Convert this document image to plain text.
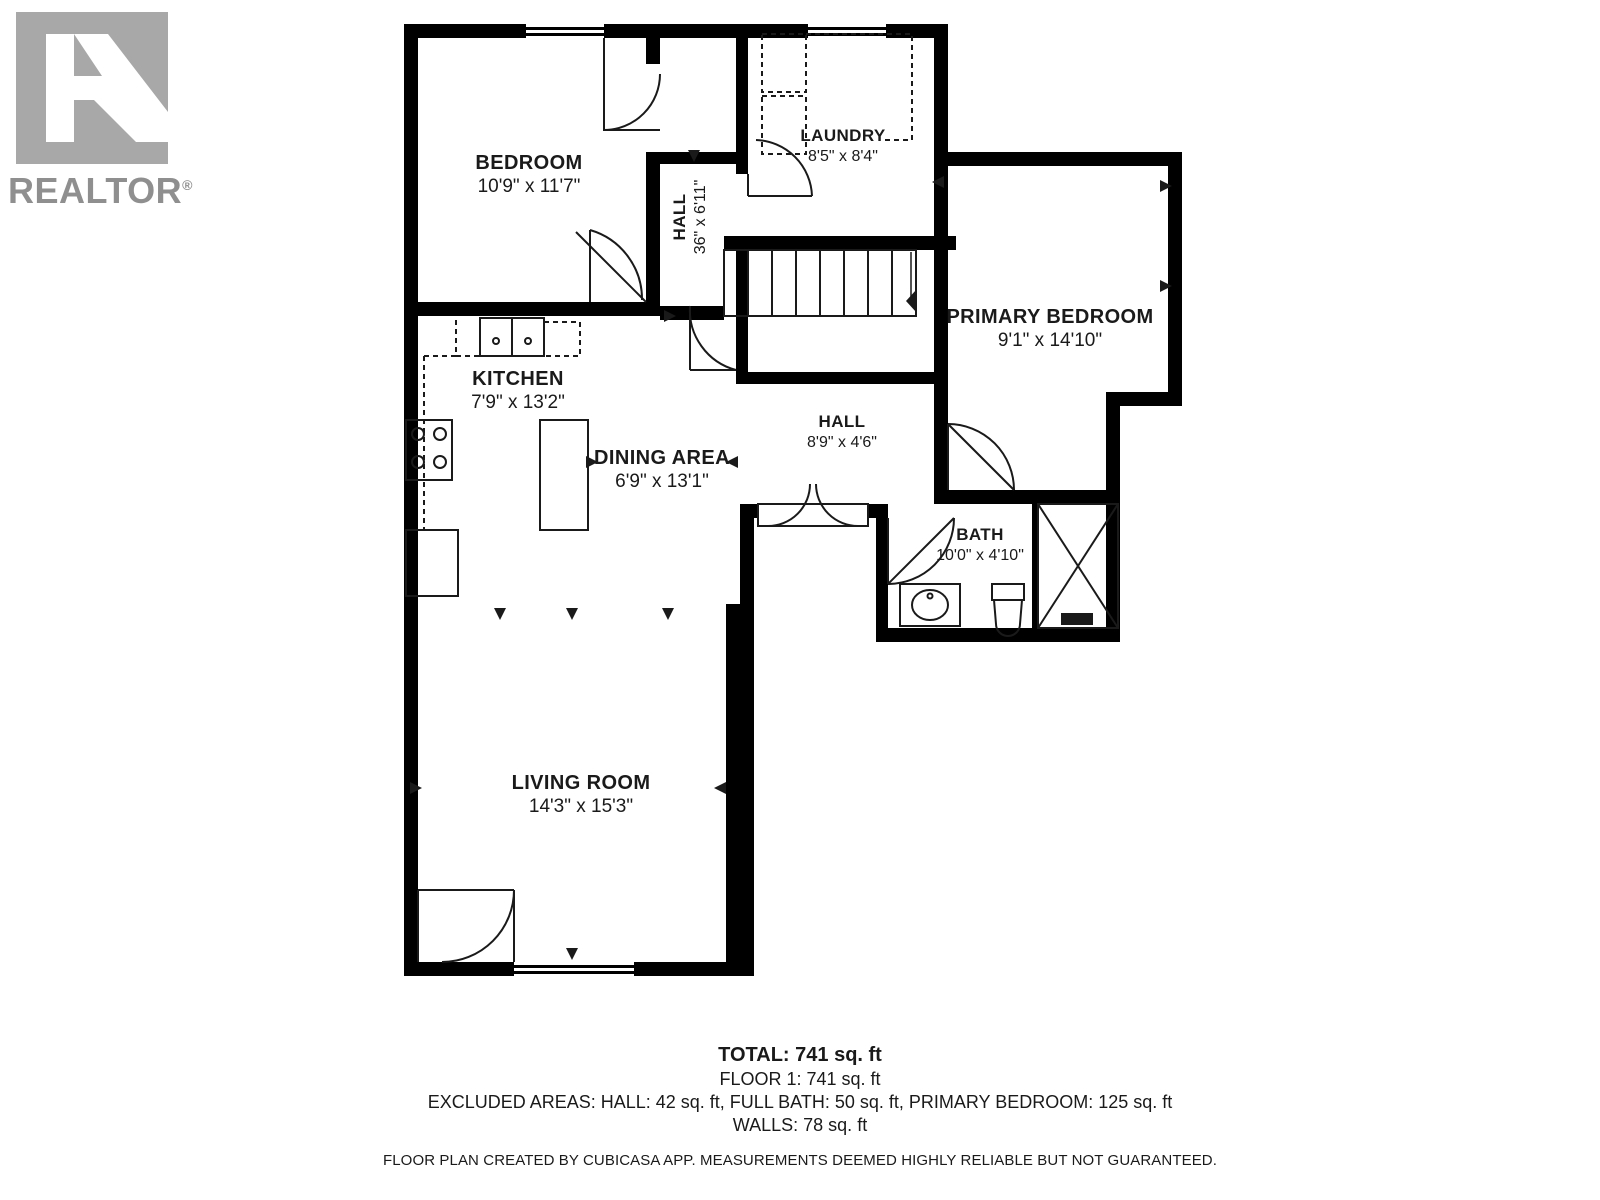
REALTOR®
BEDROOM
10'9" x 11'7"
LAUNDRY
8'5" x 8'4"
HALL 36" x 6'11"
PRIMARY BEDROOM
9'1" x 14'10"
KITCHEN
7'9" x 13'2"
DINING AREA
6'9" x 13'1"
HALL
8'9" x 4'6"
BATH
10'0" x 4'10"
LIVING ROOM
14'3" x 15'3"
TOTAL: 741 sq. ft
FLOOR 1: 741 sq. ft
EXCLUDED AREAS: HALL: 42 sq. ft, FULL BATH: 50 sq. ft, PRIMARY BEDROOM: 125 sq. ft
WALLS: 78 sq. ft
FLOOR PLAN CREATED BY CUBICASA APP. MEASUREMENTS DEEMED HIGHLY RELIABLE BUT NOT GUARANTEED.
